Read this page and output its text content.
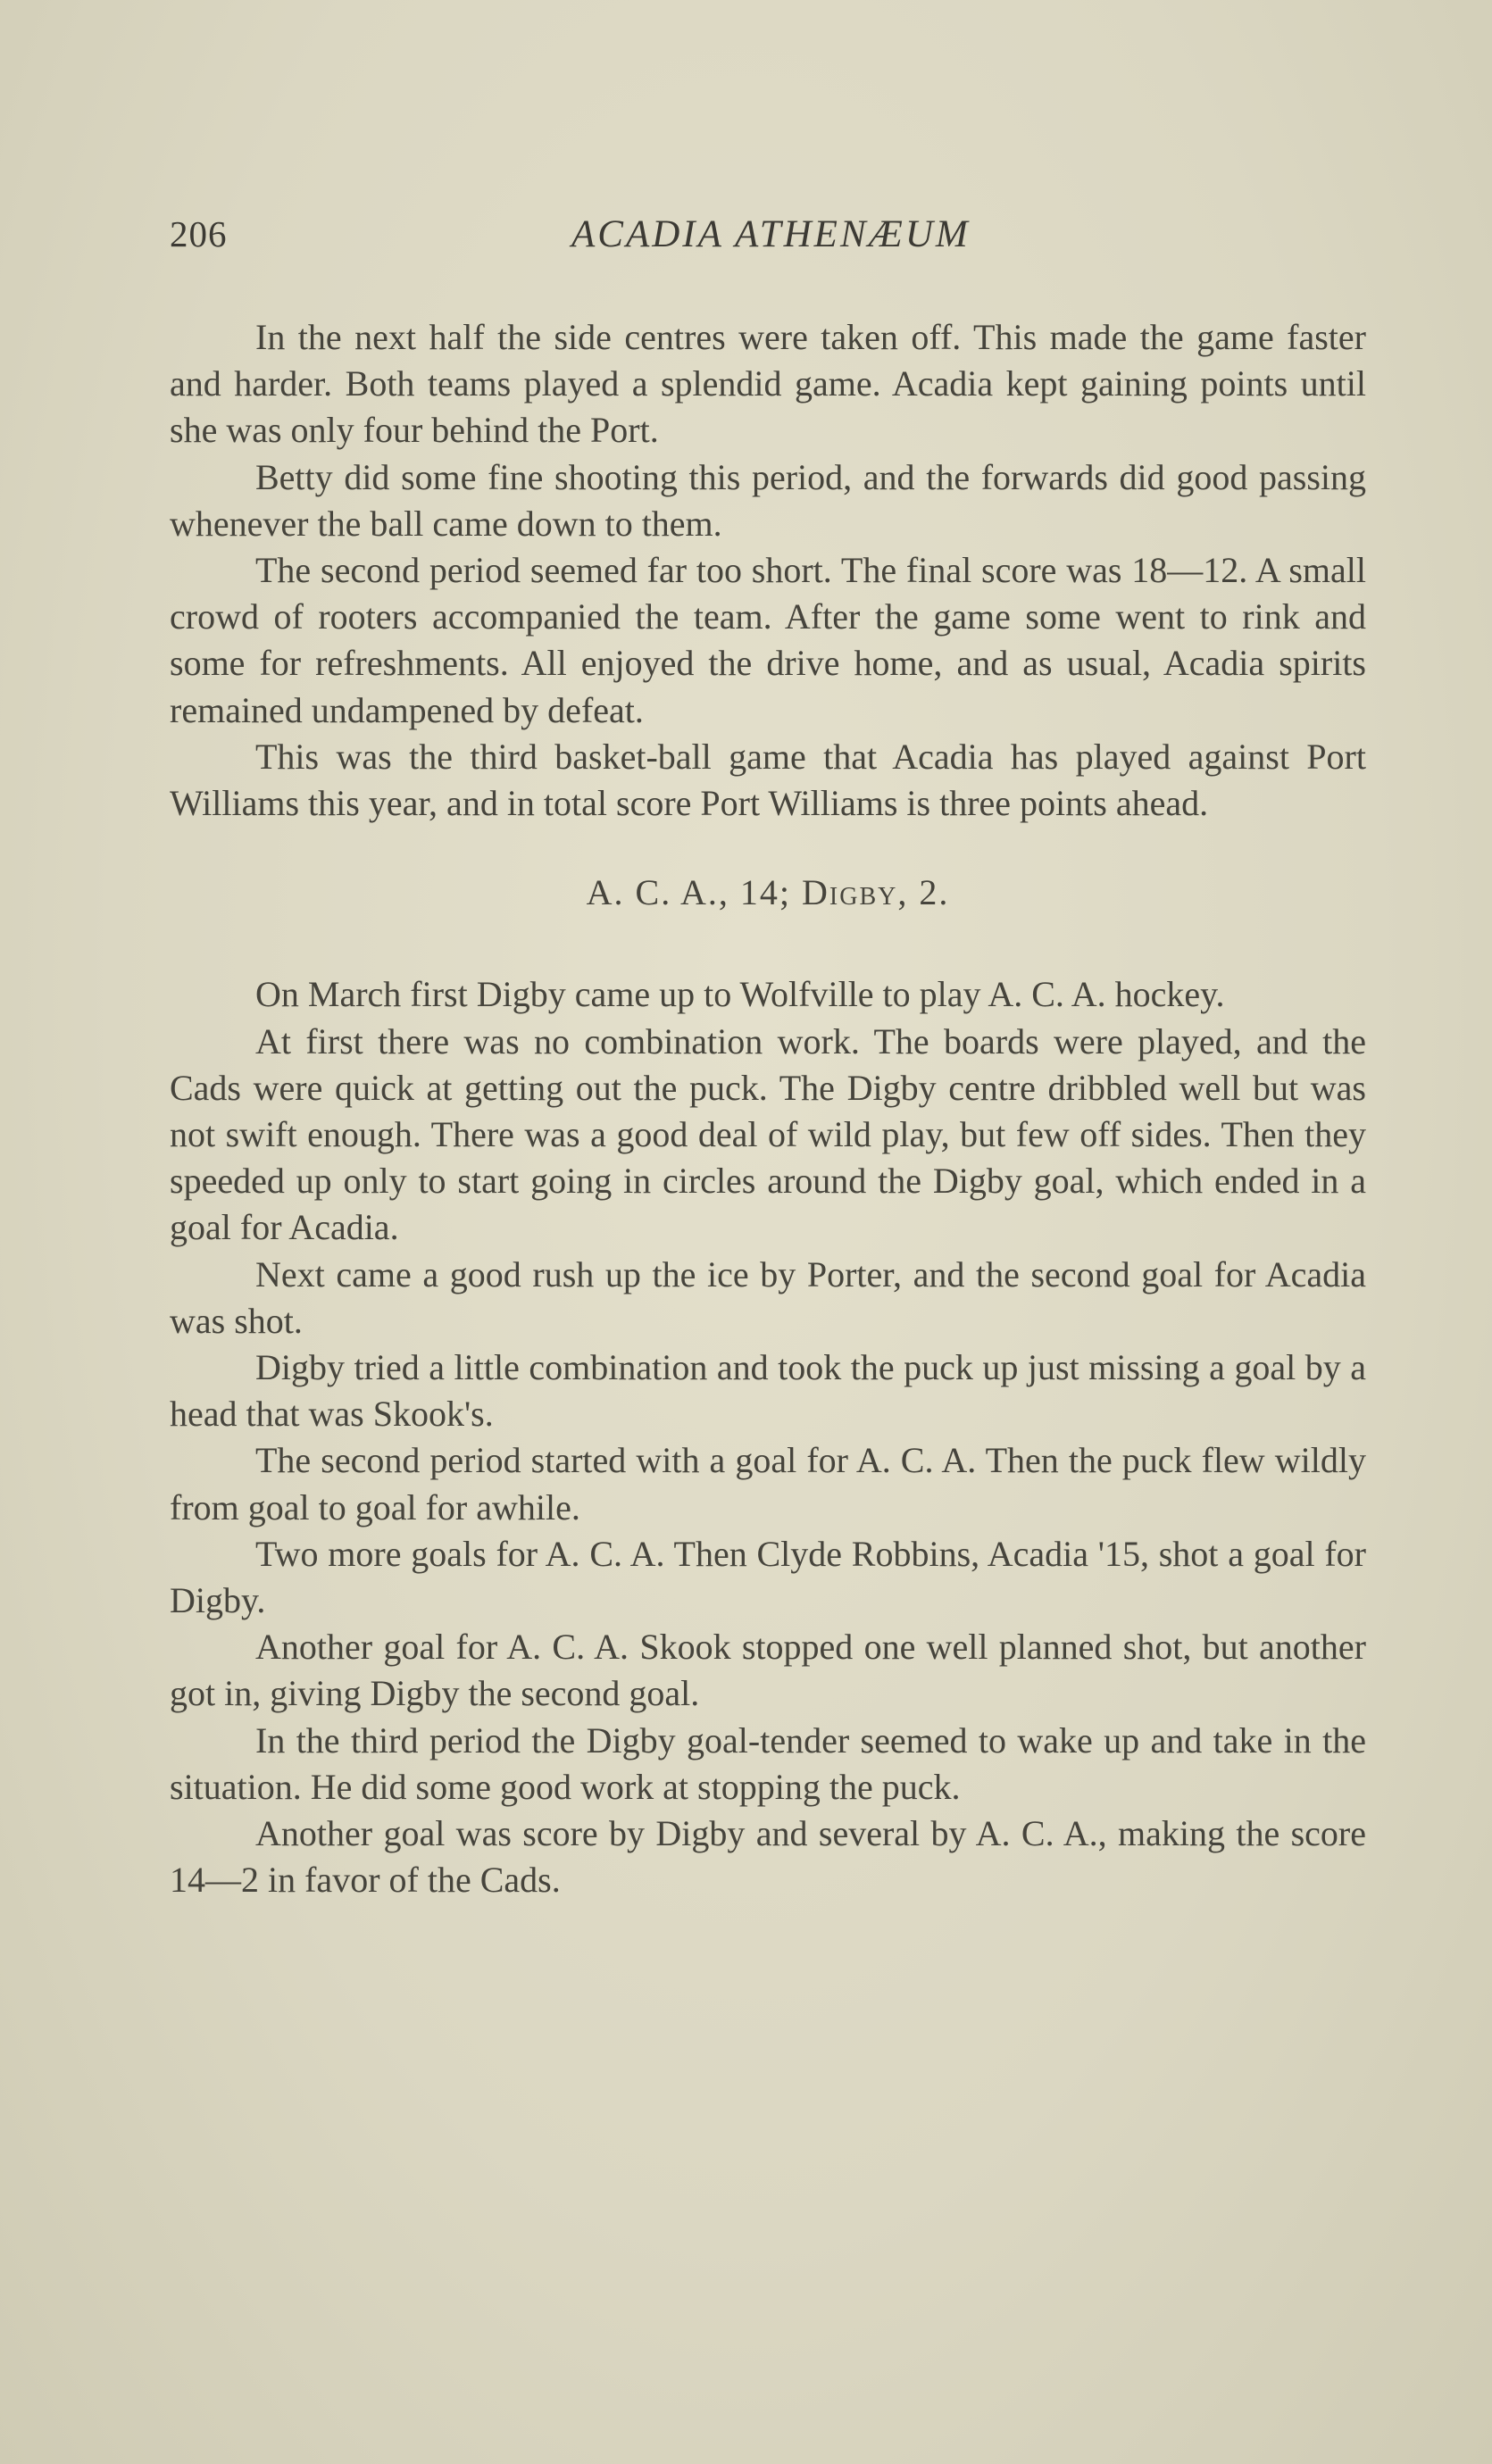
206	ACADIA ATHENÆUM

In the next half the side centres were taken off. This made the game faster and harder. Both teams played a splendid game. Acadia kept gaining points until she was only four behind the Port.

Betty did some fine shooting this period, and the forwards did good passing whenever the ball came down to them.

The second period seemed far too short. The final score was 18—12. A small crowd of rooters accompanied the team. After the game some went to rink and some for refreshments. All enjoyed the drive home, and as usual, Acadia spirits remained undampened by defeat.

This was the third basket-ball game that Acadia has played against Port Williams this year, and in total score Port Williams is three points ahead.

A. C. A., 14; Digby, 2.

On March first Digby came up to Wolfville to play A. C. A. hockey.

At first there was no combination work. The boards were played, and the Cads were quick at getting out the puck. The Digby centre dribbled well but was not swift enough. There was a good deal of wild play, but few off sides. Then they speeded up only to start going in circles around the Digby goal, which ended in a goal for Acadia.

Next came a good rush up the ice by Porter, and the second goal for Acadia was shot.

Digby tried a little combination and took the puck up just missing a goal by a head that was Skook's.

The second period started with a goal for A. C. A. Then the puck flew wildly from goal to goal for awhile.

Two more goals for A. C. A. Then Clyde Robbins, Acadia '15, shot a goal for Digby.

Another goal for A. C. A. Skook stopped one well planned shot, but another got in, giving Digby the second goal.

In the third period the Digby goal-tender seemed to wake up and take in the situation. He did some good work at stopping the puck.

Another goal was score by Digby and several by A. C. A., making the score 14—2 in favor of the Cads.
